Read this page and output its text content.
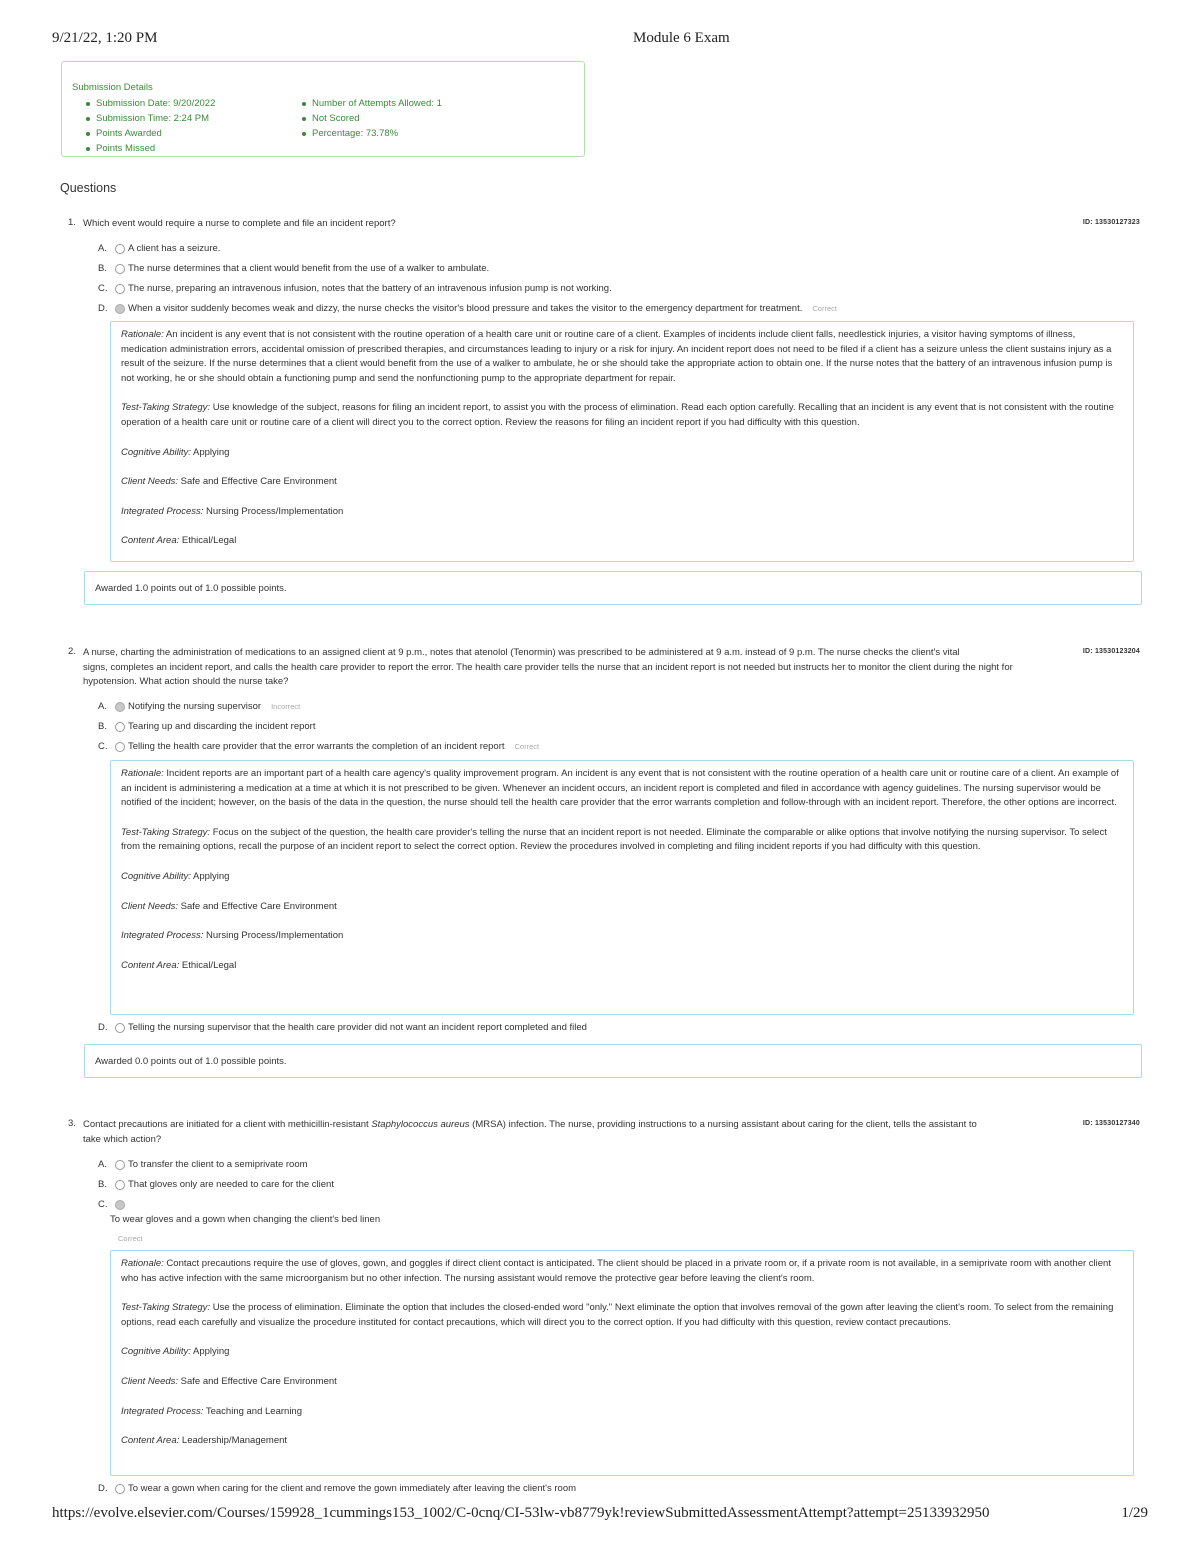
9/21/22, 1:20 PM	Module 6 Exam
Submission Details
Submission Date: 9/20/2022
Submission Time: 2:24 PM
Points Awarded
Points Missed
Number of Attempts Allowed: 1
Not Scored
Percentage: 73.78%
Questions
1. Which event would require a nurse to complete and file an incident report?	ID: 13530127323
A.	A client has a seizure.
B.	The nurse determines that a client would benefit from the use of a walker to ambulate.
C.	The nurse, preparing an intravenous infusion, notes that the battery of an intravenous infusion pump is not working.
D.	When a visitor suddenly becomes weak and dizzy, the nurse checks the visitor's blood pressure and takes the visitor to the emergency department for treatment. Correct

Rationale: An incident is any event that is not consistent with the routine operation of a health care unit or routine care of a client. Examples of incidents include client falls, needlestick injuries, a visitor having symptoms of illness, medication administration errors, accidental omission of prescribed therapies, and circumstances leading to injury or a risk for injury. An incident report does not need to be filed if a client has a seizure unless the client sustains injury as a result of the seizure. If the nurse determines that a client would benefit from the use of a walker to ambulate, he or she should take the appropriate action to obtain one. If the nurse notes that the battery of an intravenous infusion pump is not working, he or she should obtain a functioning pump and send the nonfunctioning pump to the appropriate department for repair.

Test-Taking Strategy: Use knowledge of the subject, reasons for filing an incident report, to assist you with the process of elimination. Read each option carefully. Recalling that an incident is any event that is not consistent with the routine operation of a health care unit or routine care of a client will direct you to the correct option. Review the reasons for filing an incident report if you had difficulty with this question.

Cognitive Ability: Applying

Client Needs: Safe and Effective Care Environment

Integrated Process: Nursing Process/Implementation

Content Area: Ethical/Legal

Awarded 1.0 points out of 1.0 possible points.
2. A nurse, charting the administration of medications to an assigned client at 9 p.m., notes that atenolol (Tenormin) was prescribed to be administered at 9 a.m. instead of 9 p.m. The nurse checks the client's vital
signs, completes an incident report, and calls the health care provider to report the error. The health care provider tells the nurse that an incident report is not needed but instructs her to monitor the client during the night for
hypotension. What action should the nurse take?
ID: 13530123204
A.	Notifying the nursing supervisor Incorrect
B.	Tearing up and discarding the incident report
C.	Telling the health care provider that the error warrants the completion of an incident report Correct

Rationale: Incident reports are an important part of a health care agency's quality improvement program. An incident is any event that is not consistent with the routine operation of a health care unit or routine care of a client. An example of an incident is administering a medication at a time at which it is not prescribed to be given. Whenever an incident occurs, an incident report is completed and filed in accordance with agency guidelines. The nursing supervisor would be notified of the incident; however, on the basis of the data in the question, the nurse should tell the health care provider that the error warrants completion and follow-through with an incident report. Therefore, the other options are incorrect.

Test-Taking Strategy: Focus on the subject of the question, the health care provider's telling the nurse that an incident report is not needed. Eliminate the comparable or alike options that involve notifying the nursing supervisor. To select from the remaining options, recall the purpose of an incident report to select the correct option. Review the procedures involved in completing and filing incident reports if you had difficulty with this question.

Cognitive Ability: Applying

Client Needs: Safe and Effective Care Environment

Integrated Process: Nursing Process/Implementation

Content Area: Ethical/Legal

D.	Telling the nursing supervisor that the health care provider did not want an incident report completed and filed
Awarded 0.0 points out of 1.0 possible points.
3. Contact precautions are initiated for a client with methicillin-resistant Staphylococcus aureus (MRSA) infection. The nurse, providing instructions to a nursing assistant about caring for the client, tells the assistant to
take which action?
ID: 13530127340
A.	To transfer the client to a semiprivate room
B.	That gloves only are needed to care for the client
C.
To wear gloves and a gown when changing the client's bed linen
Correct

Rationale: Contact precautions require the use of gloves, gown, and goggles if direct client contact is anticipated. The client should be placed in a private room or, if a private room is not available, in a semiprivate room with another client who has active infection with the same microorganism but no other infection. The nursing assistant would remove the protective gear before leaving the client's room.

Test-Taking Strategy: Use the process of elimination. Eliminate the option that includes the closed-ended word "only." Next eliminate the option that involves removal of the gown after leaving the client's room. To select from the remaining options, read each carefully and visualize the procedure instituted for contact precautions, which will direct you to the correct option. If you had difficulty with this question, review contact precautions.

Cognitive Ability: Applying

Client Needs: Safe and Effective Care Environment

Integrated Process: Teaching and Learning

Content Area: Leadership/Management

D.	To wear a gown when caring for the client and remove the gown immediately after leaving the client's room
https://evolve.elsevier.com/Courses/159928_1cummings153_1002/C-0cnq/CI-53lw-vb8779yk!reviewSubmittedAssessmentAttempt?attempt=25133932950	1/29
